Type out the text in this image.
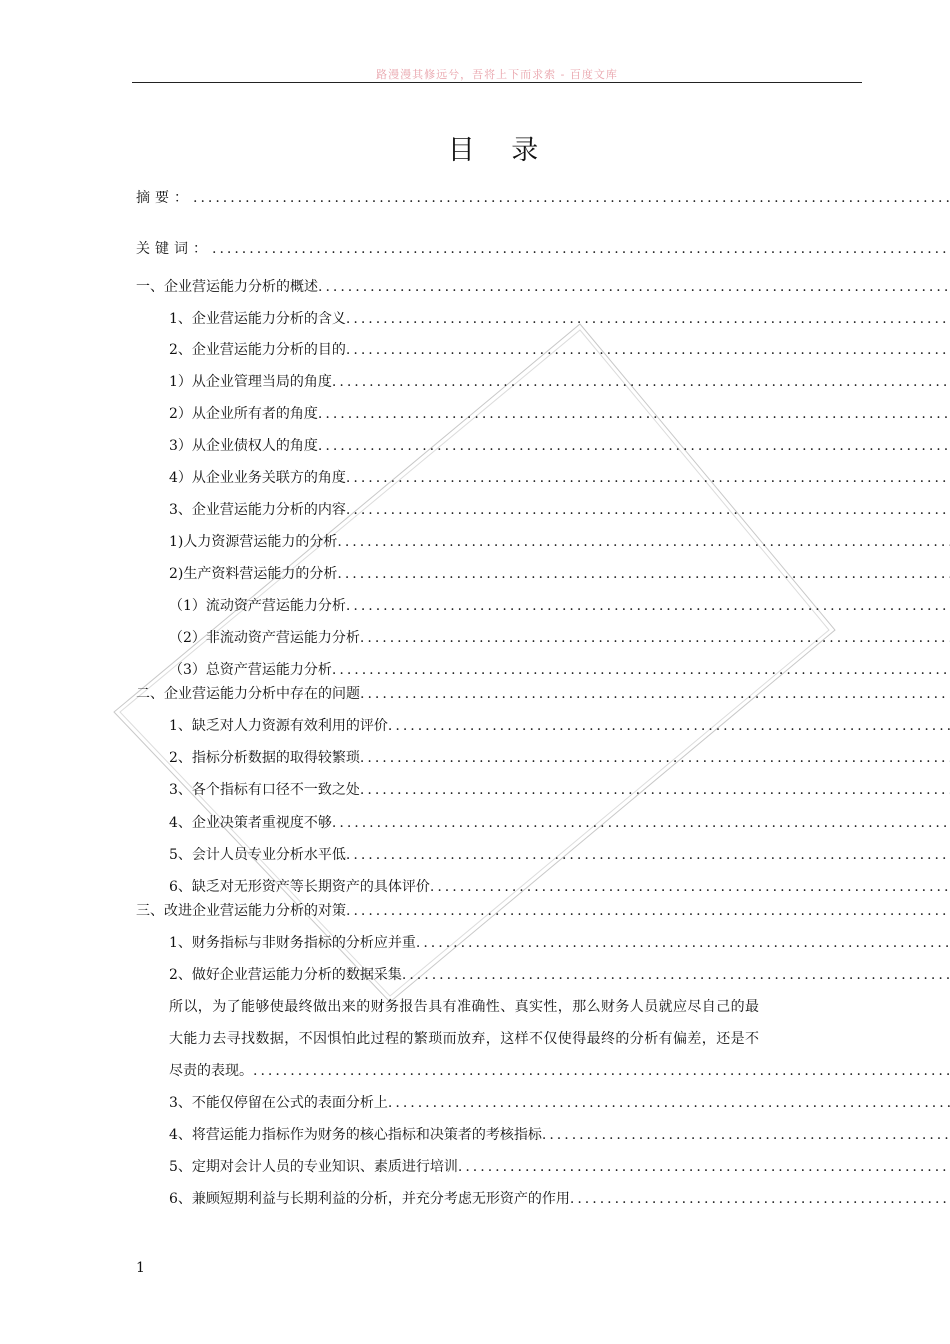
路漫漫其修远兮，吾将上下而求索 - 百度文库
目 录
摘要： .....
关键词： .....
一、企业营运能力分析的概述 .....
1、企业营运能力分析的含义 .....
2、企业营运能力分析的目的 .....
1）从企业管理当局的角度 .....
2）从企业所有者的角度 .....
3）从企业债权人的角度 .....
4）从企业业务关联方的角度 .....
3、企业营运能力分析的内容 .....
1)人力资源营运能力的分析 .....
2)生产资料营运能力的分析 .....
（1）流动资产营运能力分析 .....
（2）非流动资产营运能力分析 .....
（3）总资产营运能力分析 .....
二、企业营运能力分析中存在的问题 .....
1、缺乏对人力资源有效利用的评价 .....
2、指标分析数据的取得较繁琐 .....
3、各个指标有口径不一致之处 .....
4、企业决策者重视度不够 .....
5、会计人员专业分析水平低 .....
6、缺乏对无形资产等长期资产的具体评价 .....
三、改进企业营运能力分析的对策 .....
1、财务指标与非财务指标的分析应并重 .....
2、做好企业营运能力分析的数据采集 .....
所以，为了能够使最终做出来的财务报告具有准确性、真实性，那么财务人员就应尽自己的最
大能力去寻找数据，不因惧怕此过程的繁琐而放弃，这样不仅使得最终的分析有偏差，还是不
尽责的表现。 .....
3、不能仅停留在公式的表面分析上 .....
4、将营运能力指标作为财务的核心指标和决策者的考核指标 .....
5、定期对会计人员的专业知识、素质进行培训 .....
6、兼顾短期利益与长期利益的分析，并充分考虑无形资产的作用 .....
1
